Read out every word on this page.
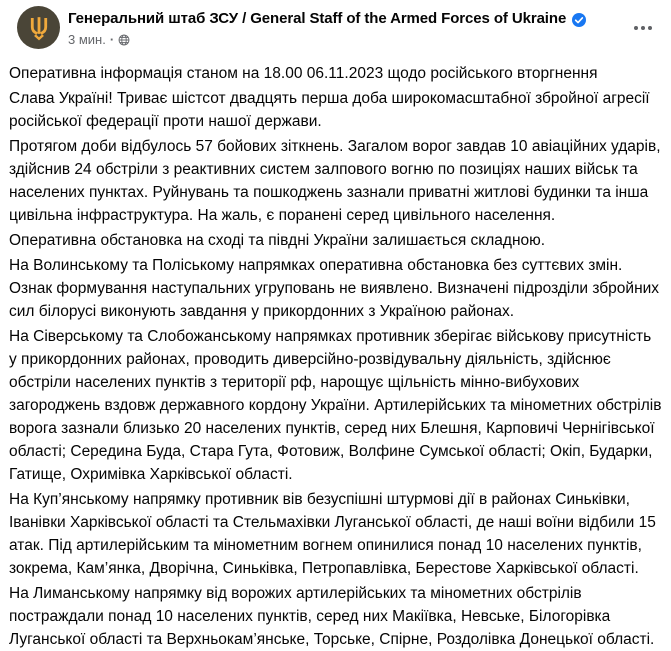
Генеральний штаб ЗСУ / General Staff of the Armed Forces of Ukraine
3 мин. ·

Оперативна інформація станом на 18.00 06.11.2023 щодо російського вторгнення

Слава Україні! Триває шістсот двадцять перша доба широкомасштабної збройної агресії російської федерації проти нашої держави.

Протягом доби відбулось 57 бойових зіткнень. Загалом ворог завдав 10 авіаційних ударів, здійснив 24 обстріли з реактивних систем залпового вогню по позиціях наших військ та населених пунктах. Руйнувань та пошкоджень зазнали приватні житлові будинки та інша цивільна інфраструктура. На жаль, є поранені серед цивільного населення.

Оперативна обстановка на сході та півдні України залишається складною.

На Волинському та Поліському напрямках оперативна обстановка без суттєвих змін. Ознак формування наступальних угруповань не виявлено. Визначені підрозділи збройних сил білорусі виконують завдання у прикордонних з Україною районах.

На Сіверському та Слобожанському напрямках противник зберігає військову присутність у прикордонних районах, проводить диверсійно-розвідувальну діяльність, здійснює обстріли населених пунктів з території рф, нарощує щільність мінно-вибухових загороджень вздовж державного кордону України. Артилерійських та мінометних обстрілів ворога зазнали близько 20 населених пунктів, серед них Блешня, Карповичі Чернігівської області; Середина Буда, Стара Гута, Фотовиж, Волфине Сумської області; Окіп, Бударки, Гатище, Охримівка Харківської області.

На Куп’янському напрямку противник вів безуспішні штурмові дії в районах Синьківки, Іванівки Харківської області та Стельмахівки Луганської області, де наші воїни відбили 15 атак. Під артилерійським та мінометним вогнем опинилися понад 10 населених пунктів, зокрема, Кам’янка, Дворічна, Синьківка, Петропавлівка, Берестове Харківської області.

На Лиманському напрямку від ворожих артилерійських та мінометних обстрілів постраждали понад 10 населених пунктів, серед них Макіївка, Невське, Білогорівка Луганської області та Верхньокам’янське, Торське, Спірне, Роздолівка Донецької області.
